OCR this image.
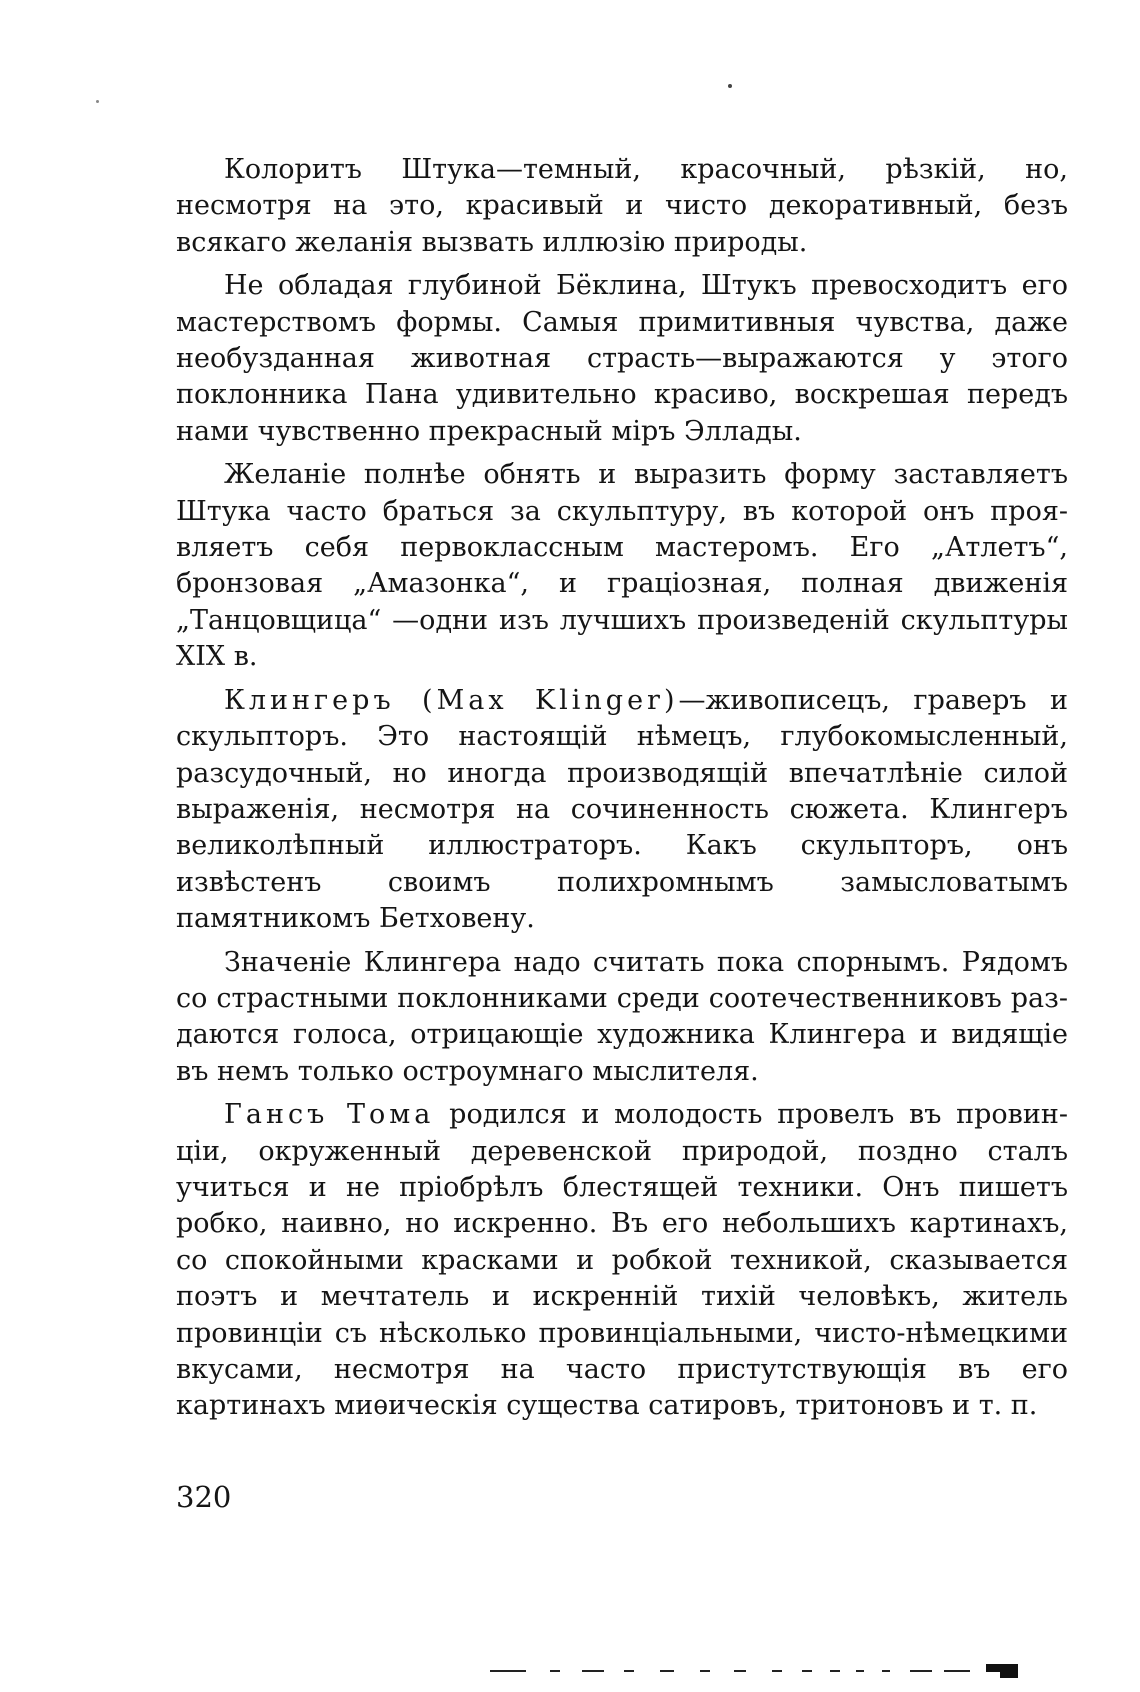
Колоритъ Штука—темный, красочный, рѣзкій, но, несмотря на это, красивый и чисто декоративный, безъ всякаго желанія вызвать иллюзію природы.

Не обладая глубиной Бёклина, Штукъ превосходитъ его мастерствомъ формы. Самыя примитивныя чувства, даже необузданная животная страсть—выражаются у этого поклонника Пана удивительно красиво, воскрешая передъ нами чувственно прекрасный міръ Эллады.

Желаніе полнѣе обнять и выразить форму заставляетъ Штука часто браться за скульптуру, въ которой онъ проявляетъ себя первоклассным мастеромъ. Его „Атлетъ“, бронзовая „Амазонка“, и граціозная, полная движенія „Танцовщица“ —одни изъ лучшихъ произведеній скульптуры XIX в.

Клингеръ (Max Klinger)—живописецъ, граверъ и скульпторъ. Это настоящій нѣмецъ, глубокомысленный, разсудочный, но иногда производящій впечатлѣніе силой выраженія, несмотря на сочиненность сюжета. Клингеръ великолѣпный иллюстраторъ. Какъ скульпторъ, онъ извѣстенъ своимъ полихромнымъ замысловатымъ памятникомъ Бетховену.

Значеніе Клингера надо считать пока спорнымъ. Рядомъ со страстными поклонниками среди соотечественниковъ раздаются голоса, отрицающіе художника Клингера и видящіе въ немъ только остроумнаго мыслителя.

Гансъ Тома родился и молодость провелъ въ провинціи, окруженный деревенской природой, поздно сталъ учиться и не пріобрѣлъ блестящей техники. Онъ пишетъ робко, наивно, но искренно. Въ его небольшихъ картинахъ, со спокойными красками и робкой техникой, сказывается поэтъ и мечтатель и искренній тихій человѣкъ, житель провинціи съ нѣсколько провинціальными, чисто-нѣмецкими вкусами, несмотря на часто пристутствующія въ его картинахъ миѳическія существа сатировъ, тритоновъ и т. п.

320
